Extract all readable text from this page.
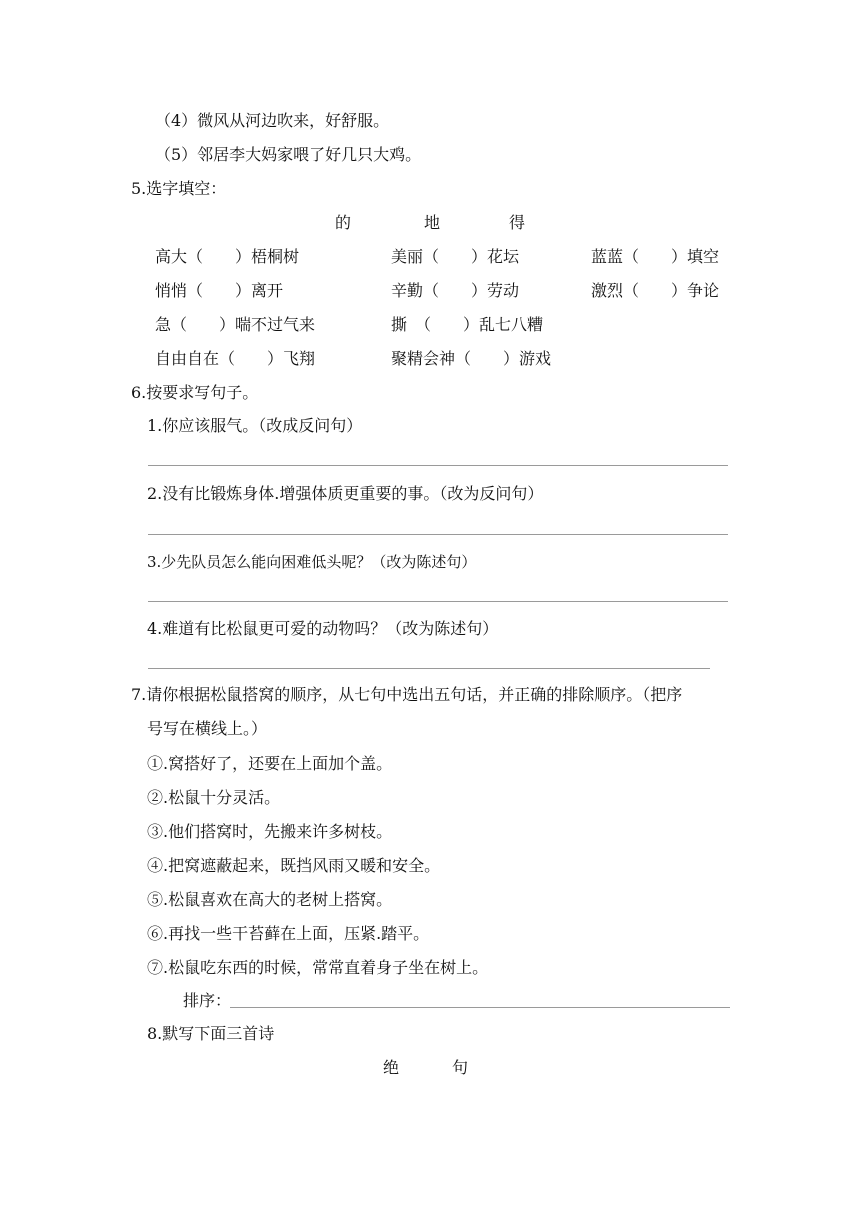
（4）微风从河边吹来，好舒服。
（5）邻居李大妈家喂了好几只大鸡。
5.选字填空：
的	地	得
高大（　　）梧桐树	美丽（　　）花坛	蓝蓝（　　）填空
悄悄（　　）离开	辛勤（　　）劳动	激烈（　　）争论
急（　　）喘不过气来	撕　（　　）乱七八糟
自由自在（　　）飞翔	聚精会神（　　）游戏
6.按要求写句子。
1.你应该服气。（改成反问句）
2.没有比锻炼身体.增强体质更重要的事。（改为反问句）
3.少先队员怎么能向困难低头呢？（改为陈述句）
4.难道有比松鼠更可爱的动物吗？（改为陈述句）
7.请你根据松鼠搭窝的顺序，从七句中选出五句话，并正确的排除顺序。（把序
号写在横线上。）
①.窝搭好了，还要在上面加个盖。
②.松鼠十分灵活。
③.他们搭窝时，先搬来许多树枝。
④.把窝遮蔽起来，既挡风雨又暖和安全。
⑤.松鼠喜欢在高大的老树上搭窝。
⑥.再找一些干苔藓在上面，压紧.踏平。
⑦.松鼠吃东西的时候，常常直着身子坐在树上。
排序：
8.默写下面三首诗
绝	句
